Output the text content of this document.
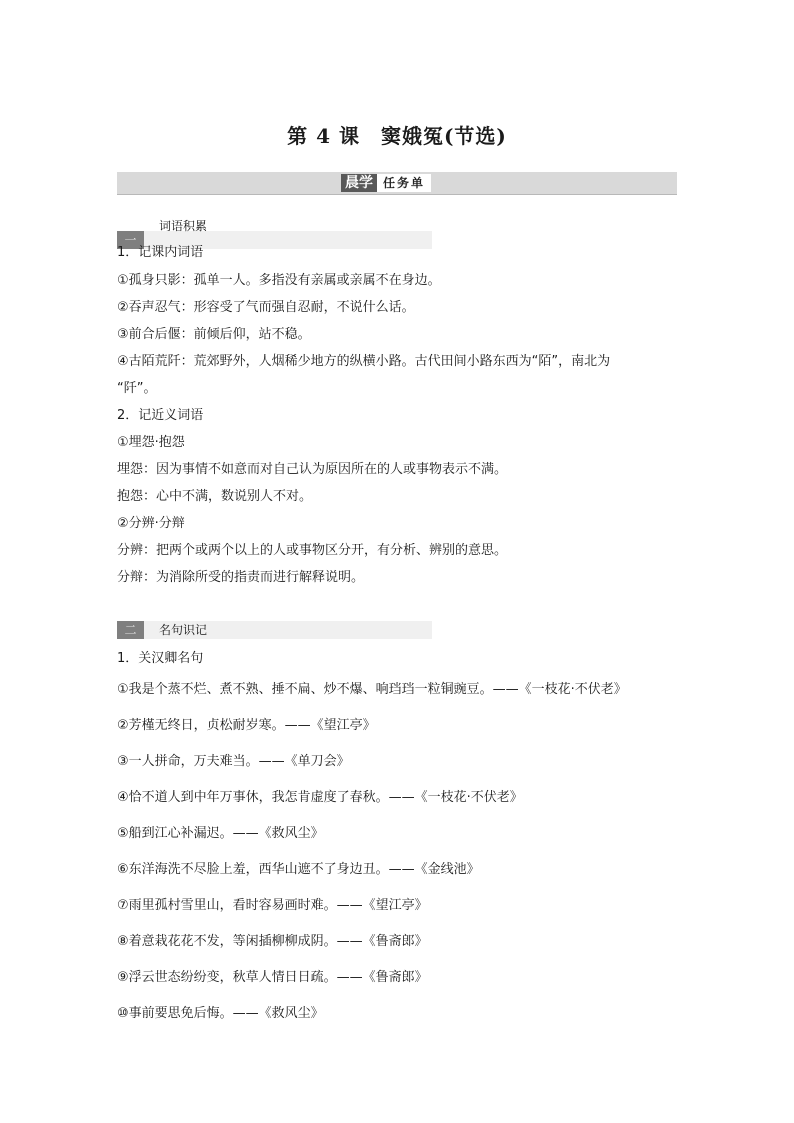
第 4 课　窦娥冤(节选)
晨学 任务单
一
词语积累
1．记课内词语
①孤身只影：孤单一人。多指没有亲属或亲属不在身边。
②吞声忍气：形容受了气而强自忍耐，不说什么话。
③前合后偃：前倾后仰，站不稳。
④古陌荒阡：荒郊野外，人烟稀少地方的纵横小路。古代田间小路东西为“陌”，南北为
“阡”。
2．记近义词语
①埋怨·抱怨
埋怨：因为事情不如意而对自己认为原因所在的人或事物表示不满。
抱怨：心中不满，数说别人不对。
②分辨·分辩
分辨：把两个或两个以上的人或事物区分开，有分析、辨别的意思。
分辩：为消除所受的指责而进行解释说明。
二	名句识记
1．关汉卿名句
①我是个蒸不烂、煮不熟、捶不扁、炒不爆、响珰珰一粒铜豌豆。——《一枝花·不伏老》
②芳槿无终日，贞松耐岁寒。——《望江亭》
③一人拼命，万夫难当。——《单刀会》
④恰不道人到中年万事休，我怎肯虚度了春秋。——《一枝花·不伏老》
⑤船到江心补漏迟。——《救风尘》
⑥东洋海洗不尽脸上羞，西华山遮不了身边丑。——《金线池》
⑦雨里孤村雪里山，看时容易画时难。——《望江亭》
⑧着意栽花花不发，等闲插柳柳成阴。——《鲁斋郎》
⑨浮云世态纷纷变，秋草人情日日疏。——《鲁斋郎》
⑩事前要思免后悔。——《救风尘》
